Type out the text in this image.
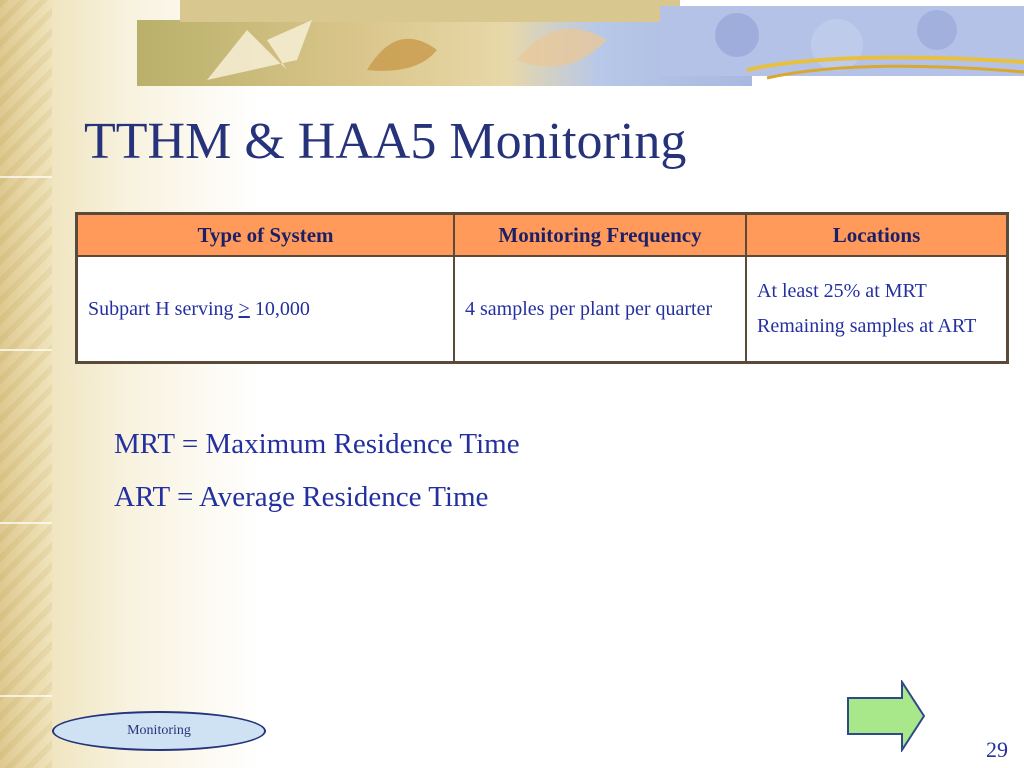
TTHM & HAA5 Monitoring
Type of System	Monitoring Frequency	Locations
Subpart H serving ≥ 10,000	4 samples per plant per quarter	At least 25% at MRT
Remaining samples at ART
MRT = Maximum Residence Time
ART = Average Residence Time
Monitoring
29
